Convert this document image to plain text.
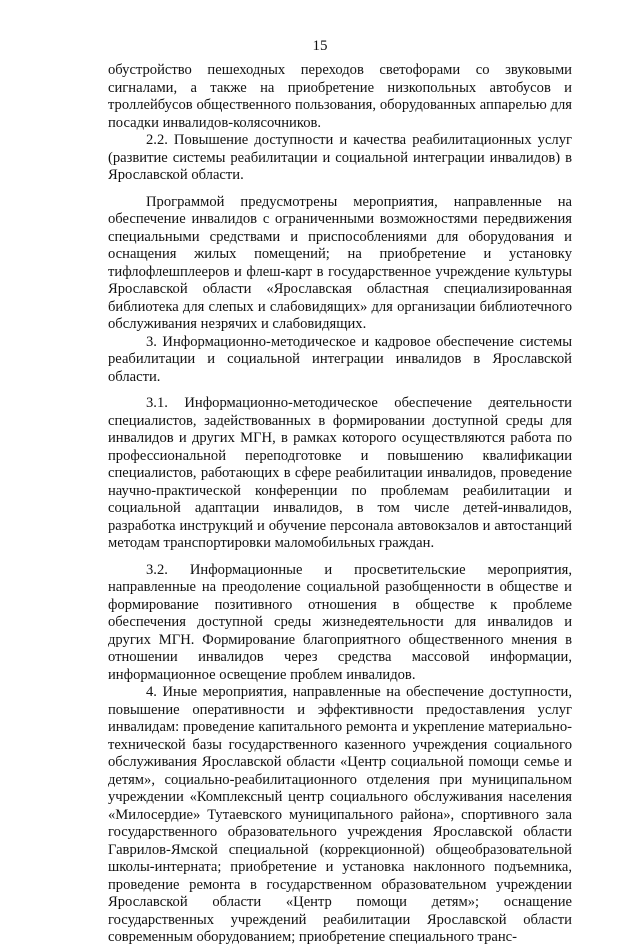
15

обустройство пешеходных переходов светофорами со звуковыми сигналами, а также на приобретение низкопольных автобусов и троллейбусов общественного пользования, оборудованных аппарелью для посадки инвалидов-колясочников.

2.2. Повышение доступности и качества реабилитационных услуг (развитие системы реабилитации и социальной интеграции инвалидов) в Ярославской области.

Программой предусмотрены мероприятия, направленные на обеспечение инвалидов с ограниченными возможностями передвижения специальными средствами и приспособлениями для оборудования и оснащения жилых помещений; на приобретение и установку тифлофлешплееров и флеш-карт в государственное учреждение культуры Ярославской области «Ярославская областная специализированная библиотека для слепых и слабовидящих» для организации библиотечного обслуживания незрячих и слабовидящих.

3. Информационно-методическое и кадровое обеспечение системы реабилитации и социальной интеграции инвалидов в Ярославской области.

3.1. Информационно-методическое обеспечение деятельности специалистов, задействованных в формировании доступной среды для инвалидов и других МГН, в рамках которого осуществляются работа по профессиональной переподготовке и повышению квалификации специалистов, работающих в сфере реабилитации инвалидов, проведение научно-практической конференции по проблемам реабилитации и социальной адаптации инвалидов, в том числе детей-инвалидов, разработка инструкций и обучение персонала автовокзалов и автостанций методам транспортировки маломобильных граждан.

3.2. Информационные и просветительские мероприятия, направленные на преодоление социальной разобщенности в обществе и формирование позитивного отношения в обществе к проблеме обеспечения доступной среды жизнедеятельности для инвалидов и других МГН. Формирование благоприятного общественного мнения в отношении инвалидов через средства массовой информации, информационное освещение проблем инвалидов.

4. Иные мероприятия, направленные на обеспечение доступности, повышение оперативности и эффективности предоставления услуг инвалидам: проведение капитального ремонта и укрепление материально-технической базы государственного казенного учреждения социального обслуживания Ярославской области «Центр социальной помощи семье и детям», социально-реабилитационного отделения при муниципальном учреждении «Комплексный центр социального обслуживания населения «Милосердие» Тутаевского муниципального района», спортивного зала государственного образовательного учреждения Ярославской области Гаврилов-Ямской специальной (коррекционной) общеобразовательной школы-интерната; приобретение и установка наклонного подъемника, проведение ремонта в государственном образовательном учреждении Ярославской области «Центр помощи детям»; оснащение государственных учреждений реабилитации Ярославской области современным оборудованием; приобретение специального транс-
